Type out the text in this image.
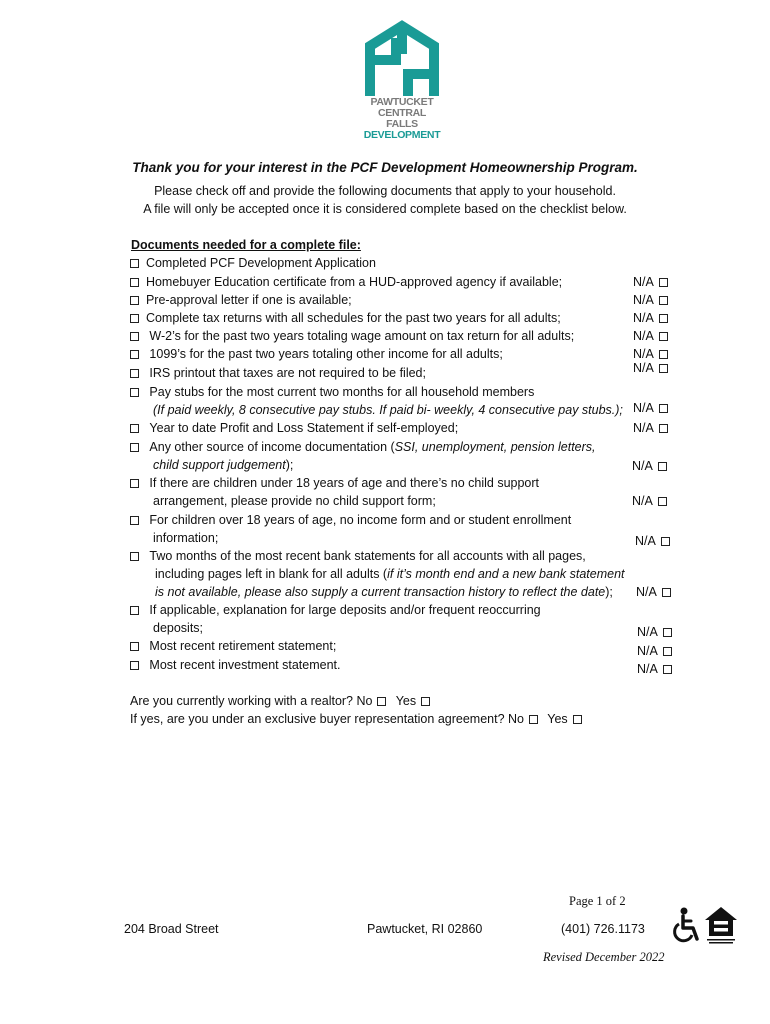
PAWTUCKET
CENTRAL FALLS
DEVELOPMENT
Thank you for your interest in the PCF Development Homeownership Program.
Please check off and provide the following documents that apply to your household.
A file will only be accepted once it is considered complete based on the checklist below.
Documents needed for a complete file:
Completed PCF Development Application
Homebuyer Education certificate from a HUD-approved agency if available;
Pre-approval letter if one is available;
Complete tax returns with all schedules for the past two years for all adults;
W-2’s for the past two years totaling wage amount on tax return for all adults;
1099’s for the past two years totaling other income for all adults;
IRS printout that taxes are not required to be filed;
Pay stubs for the most current two months for all household members
(If paid weekly, 8 consecutive pay stubs. If paid bi- weekly, 4 consecutive pay stubs.);
Year to date Profit and Loss Statement if self-employed;
Any other source of income documentation (SSI, unemployment, pension letters,
child support judgement);
If there are children under 18 years of age and there’s no child support
arrangement, please provide no child support form;
For children over 18 years of age, no income form and or student enrollment
information;
Two months of the most recent bank statements for all accounts with all pages,
including pages left in blank for all adults (if it’s month end and a new bank statement
is not available, please also supply a current transaction history to reflect the date);
If applicable, explanation for large deposits and/or frequent reoccurring
deposits;
Most recent retirement statement;
Most recent investment statement.
N/A
N/A
N/A
N/A
N/A
N/A
N/A
N/A
N/A
N/A
N/A
N/A
N/A
N/A
N/A
Are you currently working with a realtor? No Yes
If yes, are you under an exclusive buyer representation agreement? No Yes
Page 1 of 2
204 Broad Street	Pawtucket, RI 02860	(401) 726.1173
Revised December 2022
